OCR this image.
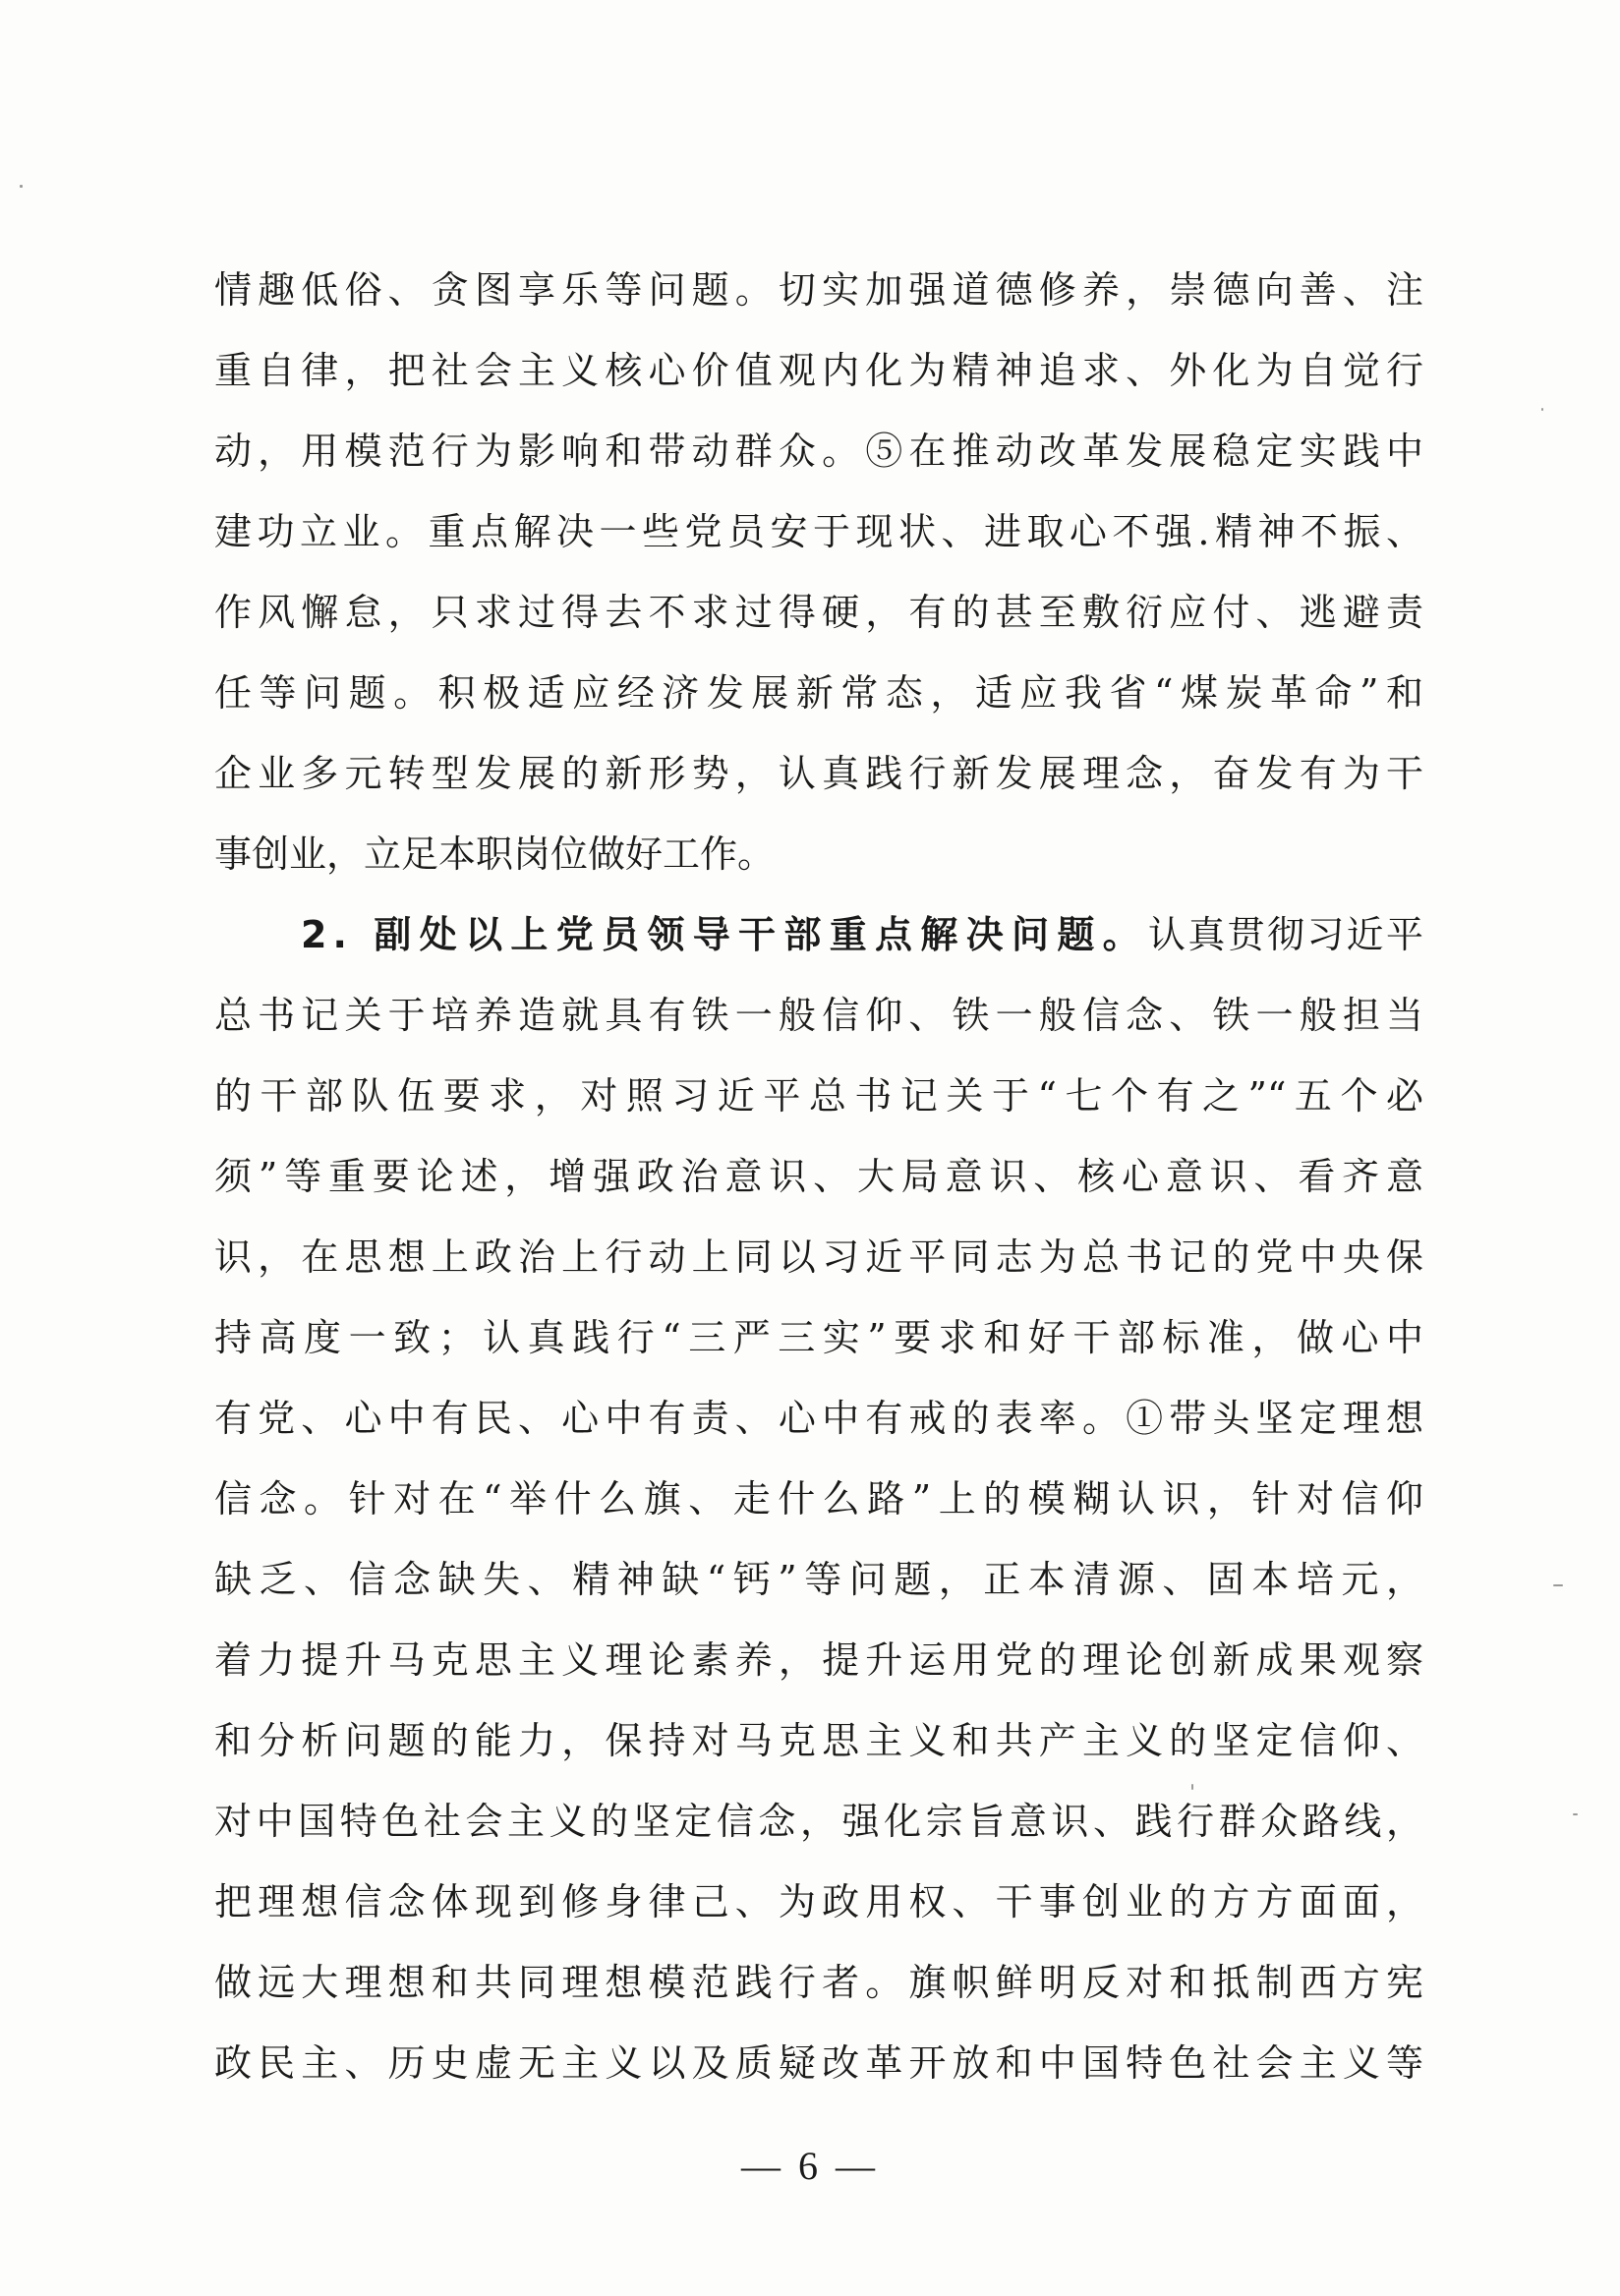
情趣低俗、贪图享乐等问题。切实加强道德修养，崇德向善、注
重自律，把社会主义核心价值观内化为精神追求、外化为自觉行
动，用模范行为影响和带动群众。⑤在推动改革发展稳定实践中
建功立业。重点解决一些党员安于现状、进取心不强.精神不振、
作风懈怠，只求过得去不求过得硬，有的甚至敷衍应付、逃避责
任等问题。积极适应经济发展新常态，适应我省“煤炭革命”和
企业多元转型发展的新形势，认真践行新发展理念，奋发有为干
事创业，立足本职岗位做好工作。
2. 副处以上党员领导干部重点解决问题。认真贯彻习近平
总书记关于培养造就具有铁一般信仰、铁一般信念、铁一般担当
的干部队伍要求，对照习近平总书记关于“七个有之”“五个必
须”等重要论述，增强政治意识、大局意识、核心意识、看齐意
识，在思想上政治上行动上同以习近平同志为总书记的党中央保
持高度一致；认真践行“三严三实”要求和好干部标准，做心中
有党、心中有民、心中有责、心中有戒的表率。①带头坚定理想
信念。针对在“举什么旗、走什么路”上的模糊认识，针对信仰
缺乏、信念缺失、精神缺“钙”等问题，正本清源、固本培元，
着力提升马克思主义理论素养，提升运用党的理论创新成果观察
和分析问题的能力，保持对马克思主义和共产主义的坚定信仰、
对中国特色社会主义的坚定信念，强化宗旨意识、践行群众路线，
把理想信念体现到修身律己、为政用权、干事创业的方方面面，
— 6 —
做远大理想和共同理想模范践行者。旗帜鲜明反对和抵制西方宪
政民主、历史虚无主义以及质疑改革开放和中国特色社会主义等
